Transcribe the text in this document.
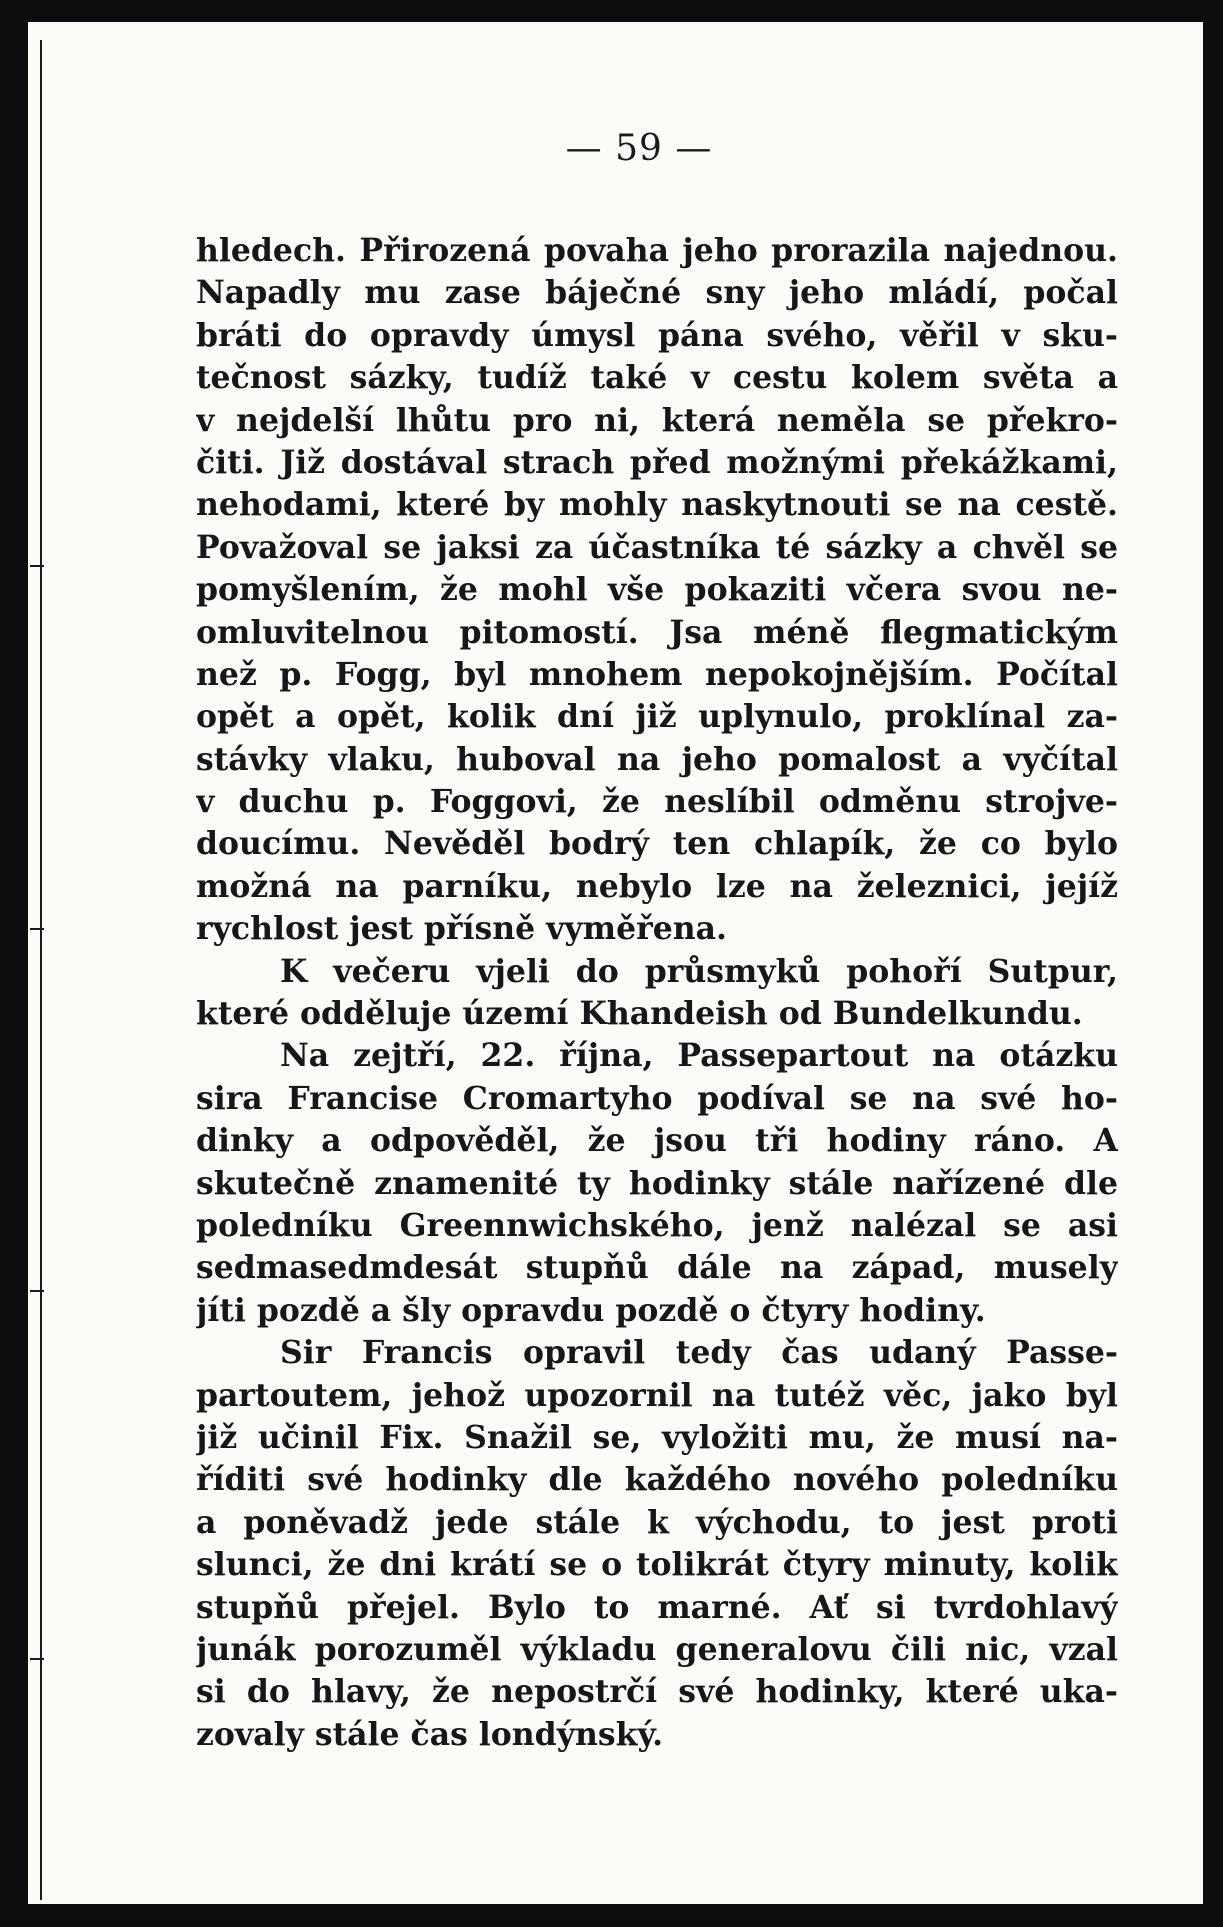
— 59 —
hledech. Přirozená povaha jeho prorazila najednou.
Napadly mu zase báječné sny jeho mládí, počal
bráti do opravdy úmysl pána svého, věřil v sku-
tečnost sázky, tudíž také v cestu kolem světa a
v nejdelší lhůtu pro ni, která neměla se překro-
čiti. Již dostával strach před možnými překážkami,
nehodami, které by mohly naskytnouti se na cestě.
Považoval se jaksi za účastníka té sázky a chvěl se
pomyšlením, že mohl vše pokaziti včera svou ne-
omluvitelnou pitomostí. Jsa méně flegmatickým
než p. Fogg, byl mnohem nepokojnějším. Počítal
opět a opět, kolik dní již uplynulo, proklínal za-
stávky vlaku, huboval na jeho pomalost a vyčítal
v duchu p. Foggovi, že neslíbil odměnu strojve-
doucímu. Nevěděl bodrý ten chlapík, že co bylo
možná na parníku, nebylo lze na železnici, jejíž
rychlost jest přísně vyměřena.
K večeru vjeli do průsmyků pohoří Sutpur,
které odděluje území Khandeish od Bundelkundu.
Na zejtří, 22. října, Passepartout na otázku
sira Francise Cromartyho podíval se na své ho-
dinky a odpověděl, že jsou tři hodiny ráno. A
skutečně znamenité ty hodinky stále nařízené dle
poledníku Greennwichského, jenž nalézal se asi
sedmasedmdesát stupňů dále na západ, musely
jíti pozdě a šly opravdu pozdě o čtyry hodiny.
Sir Francis opravil tedy čas udaný Passe-
partoutem, jehož upozornil na tutéž věc, jako byl
již učinil Fix. Snažil se, vyložiti mu, že musí na-
říditi své hodinky dle každého nového poledníku
a poněvadž jede stále k východu, to jest proti
slunci, že dni krátí se o tolikrát čtyry minuty, kolik
stupňů přejel. Bylo to marné. Ať si tvrdohlavý
junák porozuměl výkladu generalovu čili nic, vzal
si do hlavy, že nepostrčí své hodinky, které uka-
zovaly stále čas londýnský.
